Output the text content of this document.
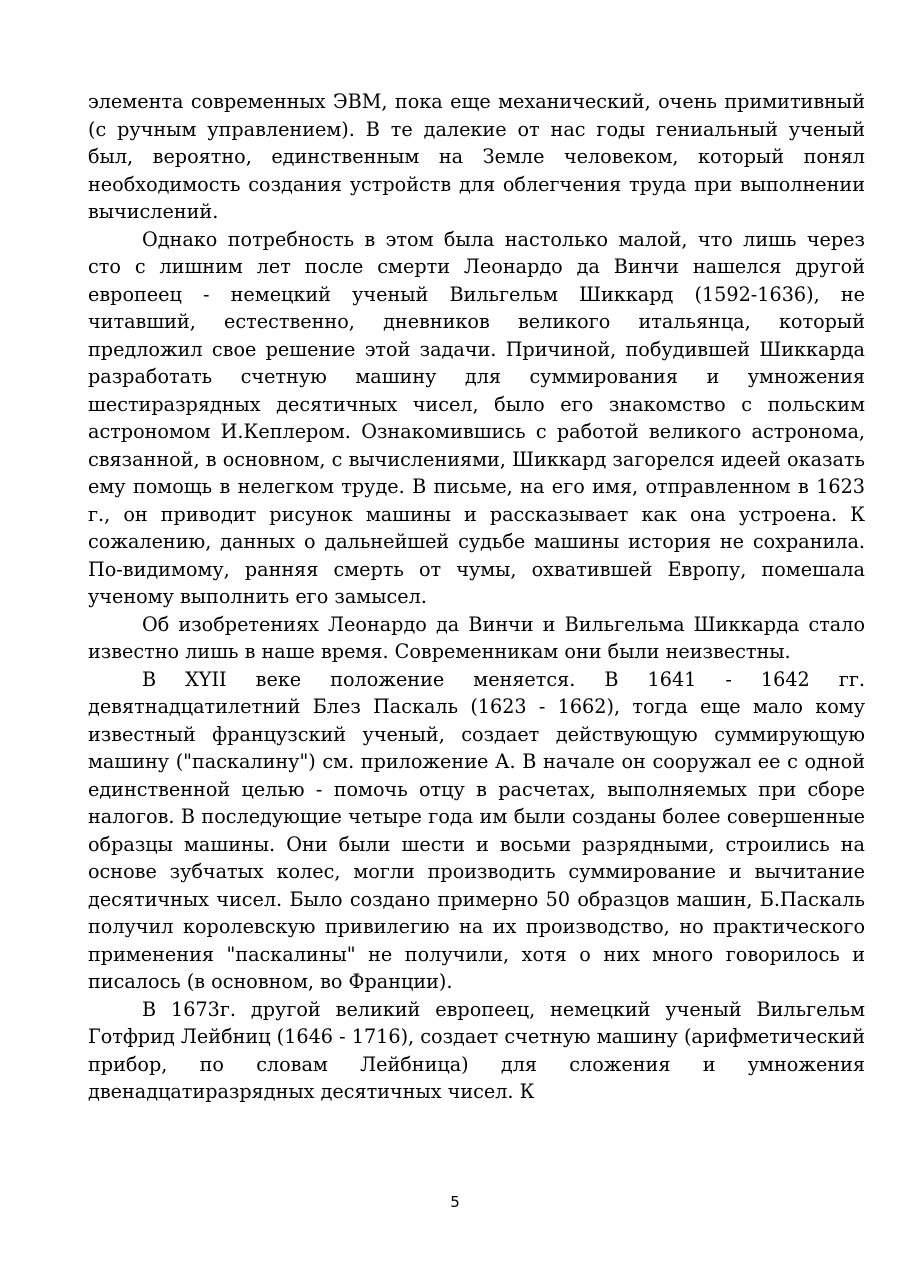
элемента современных ЭВМ, пока еще механический, очень примитивный (с ручным управлением). В те далекие от нас годы гениальный ученый был, вероятно, единственным на Земле человеком, который понял необходимость создания устройств для облегчения труда при выполнении вычислений.

Однако потребность в этом была настолько малой, что лишь через сто с лишним лет после смерти Леонардо да Винчи нашелся другой европеец - немецкий ученый Вильгельм Шиккард (1592-1636), не читавший, естественно, дневников великого итальянца, который предложил свое решение этой задачи. Причиной, побудившей Шиккарда разработать счетную машину для суммирования и умножения шестиразрядных десятичных чисел, было его знакомство с польским астрономом И.Кеплером. Ознакомившись с работой великого астронома, связанной, в основном, с вычислениями, Шиккард загорелся идеей оказать ему помощь в нелегком труде. В письме, на его имя, отправленном в 1623 г., он приводит рисунок машины и рассказывает как она устроена. К сожалению, данных о дальнейшей судьбе машины история не сохранила. По-видимому, ранняя смерть от чумы, охватившей Европу, помешала ученому выполнить его замысел.

Об изобретениях Леонардо да Винчи и Вильгельма Шиккарда стало известно лишь в наше время. Современникам они были неизвестны.

В XYII веке положение меняется. В 1641 - 1642 гг. девятнадцатилетний Блез Паскаль (1623 - 1662), тогда еще мало кому известный французский ученый, создает действующую суммирующую машину ("паскалину") см. приложение А. В начале он сооружал ее с одной единственной целью - помочь отцу в расчетах, выполняемых при сборе налогов. В последующие четыре года им были созданы более совершенные образцы машины. Они были шести и восьми разрядными, строились на основе зубчатых колес, могли производить суммирование и вычитание десятичных чисел. Было создано примерно 50 образцов машин, Б.Паскаль получил королевскую привилегию на их производство, но практического применения "паскалины" не получили, хотя о них много говорилось и писалось (в основном, во Франции).

В 1673г. другой великий европеец, немецкий ученый Вильгельм Готфрид Лейбниц (1646 - 1716), создает счетную машину (арифметический прибор, по словам Лейбница) для сложения и умножения двенадцатиразрядных десятичных чисел. К

5
